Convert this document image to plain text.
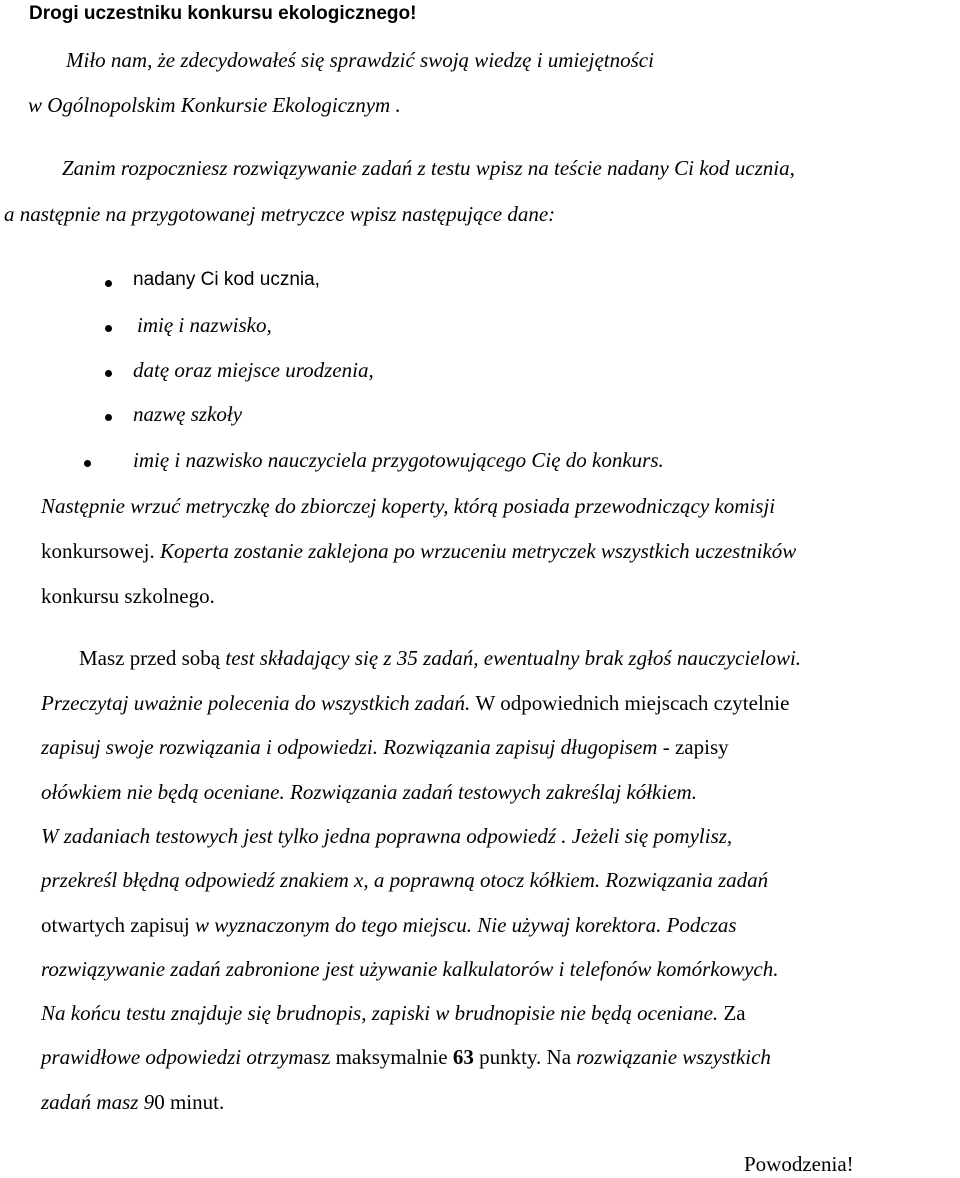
Drogi uczestniku konkursu ekologicznego!
Miło nam, że zdecydowałeś się sprawdzić swoją wiedzę i umiejętności
w Ogólnopolskim Konkursie Ekologicznym .
Zanim rozpoczniesz rozwiązywanie zadań z testu wpisz na teście nadany Ci kod ucznia,
a następnie na przygotowanej metryczce wpisz następujące dane:
nadany Ci kod ucznia,
imię i nazwisko,
datę oraz miejsce urodzenia,
nazwę szkoły
imię i nazwisko nauczyciela przygotowującego Cię do konkurs.
Następnie wrzuć metryczkę do zbiorczej koperty, którą posiada przewodniczący komisji
konkursowej. Koperta zostanie zaklejona po wrzuceniu metryczek wszystkich uczestników
konkursu szkolnego.
Masz przed sobą test składający się z 35 zadań, ewentualny brak zgłoś nauczycielowi.
Przeczytaj uważnie polecenia do wszystkich zadań. W odpowiednich miejscach czytelnie
zapisuj swoje rozwiązania i odpowiedzi. Rozwiązania zapisuj długopisem - zapisy
ołówkiem nie będą oceniane. Rozwiązania zadań testowych zakreślaj kółkiem.
W zadaniach testowych jest tylko jedna poprawna odpowiedź . Jeżeli się pomylisz,
przekreśl błędną odpowiedź znakiem x, a poprawną otocz kółkiem. Rozwiązania zadań
otwartych zapisuj w wyznaczonym do tego miejscu. Nie używaj korektora. Podczas
rozwiązywanie zadań zabronione jest używanie kalkulatorów i telefonów komórkowych.
Na końcu testu znajduje się brudnopis, zapiski w brudnopisie nie będą oceniane. Za
prawidłowe odpowiedzi otrzymasz maksymalnie 63 punkty. Na rozwiązanie wszystkich
zadań masz 90 minut.
Powodzenia!
